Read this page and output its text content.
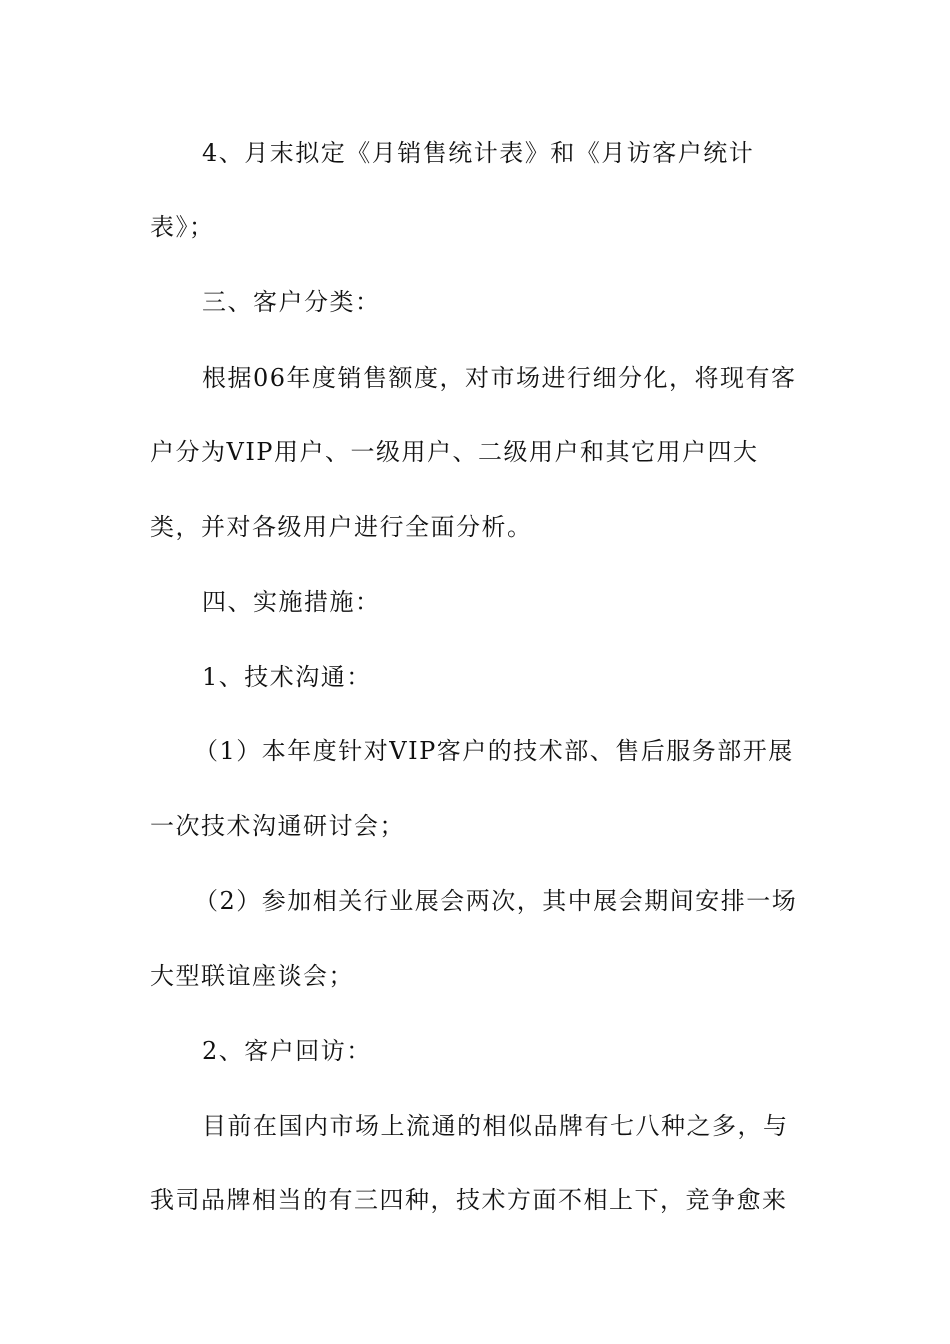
4、月末拟定《月销售统计表》和《月访客户统计
表》；
三、客户分类：
根据06年度销售额度，对市场进行细分化，将现有客
户分为VIP用户、一级用户、二级用户和其它用户四大
类，并对各级用户进行全面分析。
四、实施措施：
1、技术沟通：
（1）本年度针对VIP客户的技术部、售后服务部开展
一次技术沟通研讨会；
（2）参加相关行业展会两次，其中展会期间安排一场
大型联谊座谈会；
2、客户回访：
目前在国内市场上流通的相似品牌有七八种之多，与
我司品牌相当的有三四种，技术方面不相上下，竞争愈来
